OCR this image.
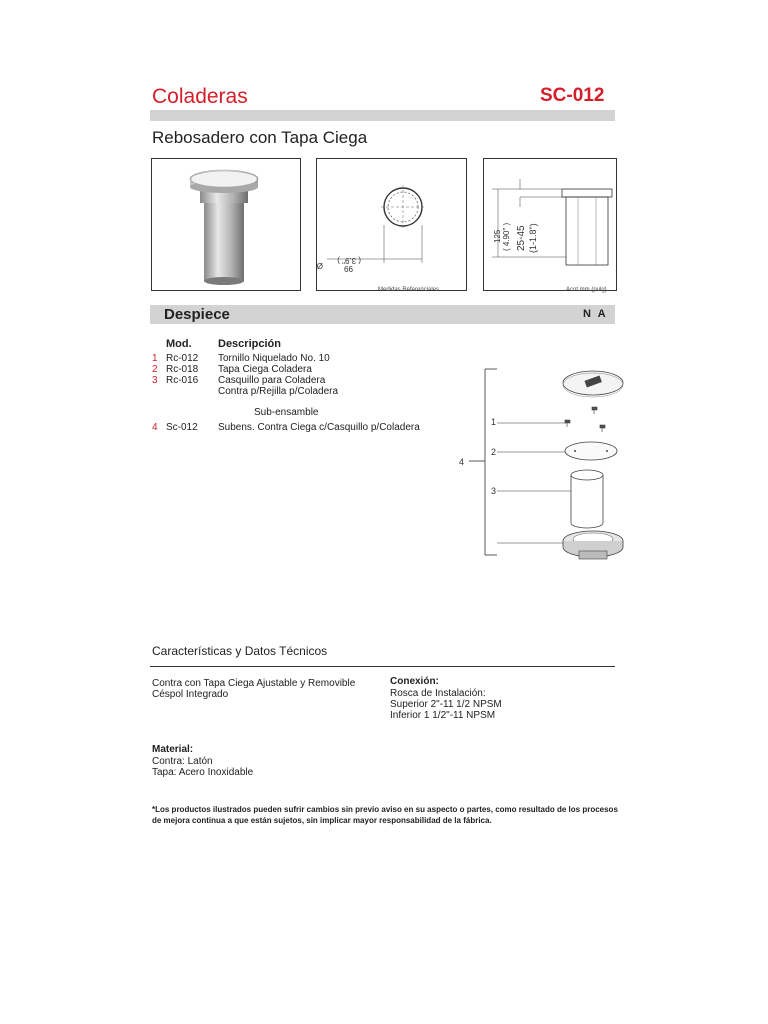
Coladeras	SC-012
Rebosadero con Tapa Ciega
99
( 3.9" )
Ø
Medidas Referenciales
125 ( 4.90" ) 25-45 (1-1.8")
Acot.mm.(pulg)
Despiece	N A
Mod. Descripción
1 Rc-012 Tornillo Niquelado No. 10
2 Rc-018 Tapa Ciega Coladera
3 Rc-016 Casquillo para Coladera
Contra p/Rejilla p/Coladera
Sub-ensamble
4 Sc-012 Subens. Contra Ciega c/Casquillo p/Coladera
4
1
2
3
Características y Datos Técnicos
Contra con Tapa Ciega Ajustable y Removible
Céspol Integrado
Conexión:
Rosca de Instalación:
Superior 2"-11 1/2 NPSM
Inferior 1 1/2"-11 NPSM
Material:
Contra: Latón
Tapa: Acero Inoxidable
*Los productos ilustrados pueden sufrir cambios sin previo aviso en su aspecto o partes, como resultado de los procesos de mejora continua a que están sujetos, sin implicar mayor responsabilidad de la fábrica.
